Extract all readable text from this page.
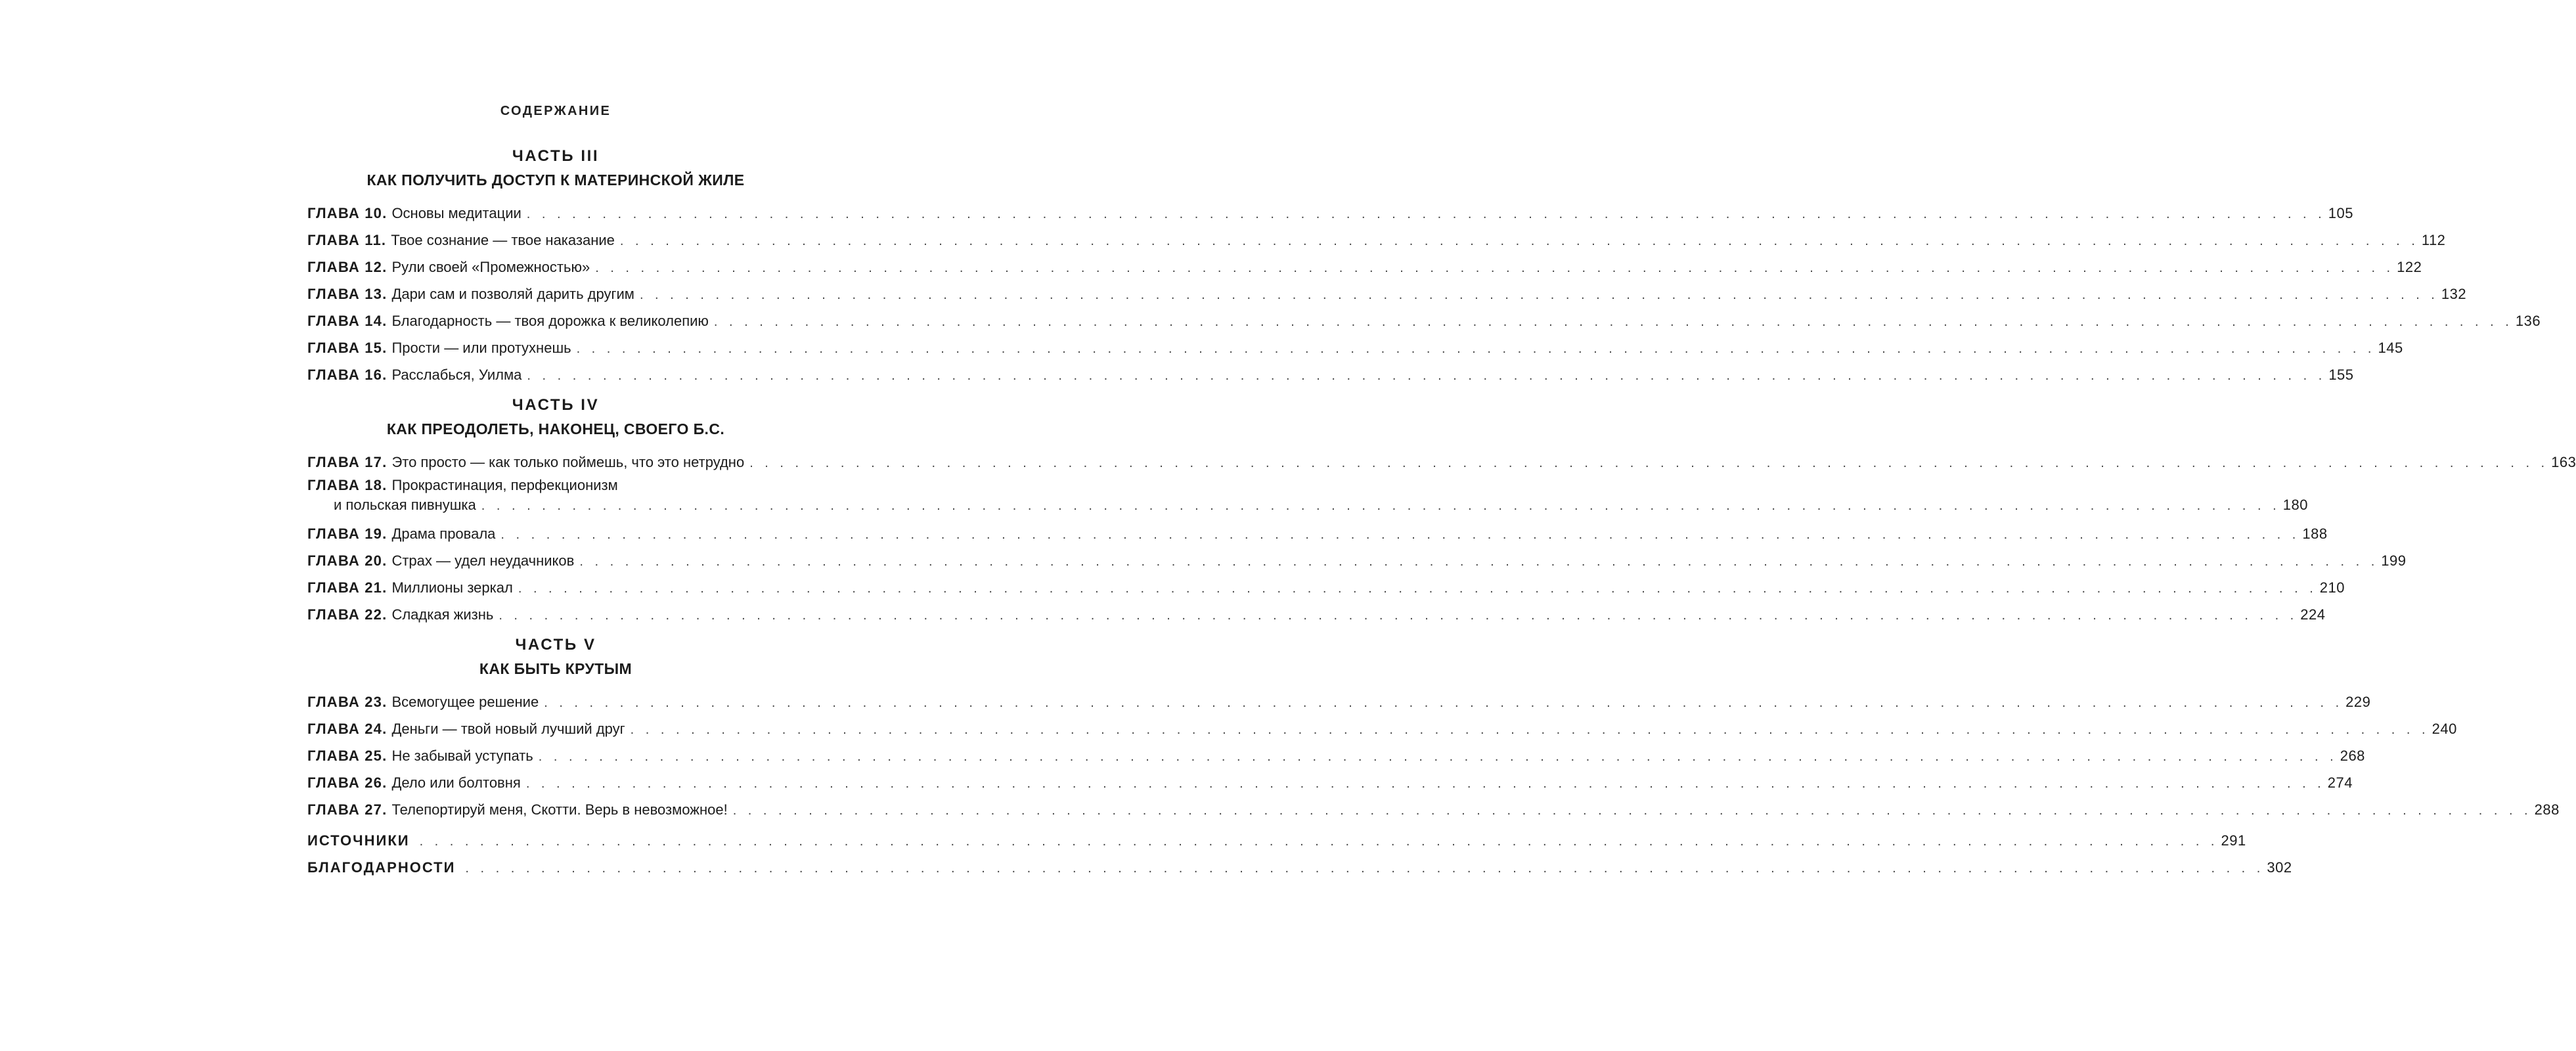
СОДЕРЖАНИЕ
ЧАСТЬ III
КАК ПОЛУЧИТЬ ДОСТУП К МАТЕРИНСКОЙ ЖИЛЕ
ГЛАВА 10. Основы медитации . . . . . . . . . . . . . . . . . . . . . . . . . . . . . . . . . . . . . . . . . . . . . . . . . . . . . . . . . . . . . . . . . . . . . . . . . . . . . . . . . . . . . . . . . . . . . . . . . . . . . . . . . . . . . . . . . . . . . . . 105
ГЛАВА 11. Твое сознание — твое наказание . . . . . . . . . . . . . . . . . . . . . . . . . . . . . . . . . . . . . . . . . . . . . . . . . . . . . . . . . . . . . . . . . . . . . . . . . . . . . . . . . . . . . . . . . . . . . . . . . . . . . . . . . . . . . . . . . . . . . . . 112
ГЛАВА 12. Рули своей «Промежностью» . . . . . . . . . . . . . . . . . . . . . . . . . . . . . . . . . . . . . . . . . . . . . . . . . . . . . . . . . . . . . . . . . . . . . . . . . . . . . . . . . . . . . . . . . . . . . . . . . . . . . . . . . . . . . . . . . . . . . . . 122
ГЛАВА 13. Дари сам и позволяй дарить другим . . . . . . . . . . . . . . . . . . . . . . . . . . . . . . . . . . . . . . . . . . . . . . . . . . . . . . . . . . . . . . . . . . . . . . . . . . . . . . . . . . . . . . . . . . . . . . . . . . . . . . . . . . . . . . . . . . . . . . . 132
ГЛАВА 14. Благодарность — твоя дорожка к великолепию . . . . . . . . . . . . . . . . . . . . . . . . . . . . . . . . . . . . . . . . . . . . . . . . . . . . . . . . . . . . . . . . . . . . . . . . . . . . . . . . . . . . . . . . . . . . . . . . . . . . . . . . . . . . . . . . . . . . . . . 136
ГЛАВА 15. Прости — или протухнешь . . . . . . . . . . . . . . . . . . . . . . . . . . . . . . . . . . . . . . . . . . . . . . . . . . . . . . . . . . . . . . . . . . . . . . . . . . . . . . . . . . . . . . . . . . . . . . . . . . . . . . . . . . . . . . . . . . . . . . . 145
ГЛАВА 16. Расслабься, Уилма . . . . . . . . . . . . . . . . . . . . . . . . . . . . . . . . . . . . . . . . . . . . . . . . . . . . . . . . . . . . . . . . . . . . . . . . . . . . . . . . . . . . . . . . . . . . . . . . . . . . . . . . . . . . . . . . . . . . . . . 155
ЧАСТЬ IV
КАК ПРЕОДОЛЕТЬ, НАКОНЕЦ, СВОЕГО Б.С.
ГЛАВА 17. Это просто — как только поймешь, что это нетрудно . . . . . . . . . . . . . . . . . . . . . . . . . . . . . . . . . . . . . . . . . . . . . . . . . . . . . . . . . . . . . . . . . . . . . . . . . . . . . . . . . . . . . . . . . . . . . . . . . . . . . . . . . . . . . . . . . . . . . . . 163
ГЛАВА 18. Прокрастинация, перфекционизм
и польская пивнушка . . . . . . . . . . . . . . . . . . . . . . . . . . . . . . . . . . . . . . . . . . . . . . . . . . . . . . . . . . . . . . . . . . . . . . . . . . . . . . . . . . . . . . . . . . . . . . . . . . . . . . . . . . . . . . . . . . . . . . . 180
ГЛАВА 19. Драма провала . . . . . . . . . . . . . . . . . . . . . . . . . . . . . . . . . . . . . . . . . . . . . . . . . . . . . . . . . . . . . . . . . . . . . . . . . . . . . . . . . . . . . . . . . . . . . . . . . . . . . . . . . . . . . . . . . . . . . . . 188
ГЛАВА 20. Страх — удел неудачников . . . . . . . . . . . . . . . . . . . . . . . . . . . . . . . . . . . . . . . . . . . . . . . . . . . . . . . . . . . . . . . . . . . . . . . . . . . . . . . . . . . . . . . . . . . . . . . . . . . . . . . . . . . . . . . . . . . . . . . 199
ГЛАВА 21. Миллионы зеркал . . . . . . . . . . . . . . . . . . . . . . . . . . . . . . . . . . . . . . . . . . . . . . . . . . . . . . . . . . . . . . . . . . . . . . . . . . . . . . . . . . . . . . . . . . . . . . . . . . . . . . . . . . . . . . . . . . . . . . . 210
ГЛАВА 22. Сладкая жизнь . . . . . . . . . . . . . . . . . . . . . . . . . . . . . . . . . . . . . . . . . . . . . . . . . . . . . . . . . . . . . . . . . . . . . . . . . . . . . . . . . . . . . . . . . . . . . . . . . . . . . . . . . . . . . . . . . . . . . . . 224
ЧАСТЬ V
КАК БЫТЬ КРУТЫМ
ГЛАВА 23. Всемогущее решение . . . . . . . . . . . . . . . . . . . . . . . . . . . . . . . . . . . . . . . . . . . . . . . . . . . . . . . . . . . . . . . . . . . . . . . . . . . . . . . . . . . . . . . . . . . . . . . . . . . . . . . . . . . . . . . . . . . . . . . 229
ГЛАВА 24. Деньги — твой новый лучший друг . . . . . . . . . . . . . . . . . . . . . . . . . . . . . . . . . . . . . . . . . . . . . . . . . . . . . . . . . . . . . . . . . . . . . . . . . . . . . . . . . . . . . . . . . . . . . . . . . . . . . . . . . . . . . . . . . . . . . . . 240
ГЛАВА 25. Не забывай уступать . . . . . . . . . . . . . . . . . . . . . . . . . . . . . . . . . . . . . . . . . . . . . . . . . . . . . . . . . . . . . . . . . . . . . . . . . . . . . . . . . . . . . . . . . . . . . . . . . . . . . . . . . . . . . . . . . . . . . . . 268
ГЛАВА 26. Дело или болтовня . . . . . . . . . . . . . . . . . . . . . . . . . . . . . . . . . . . . . . . . . . . . . . . . . . . . . . . . . . . . . . . . . . . . . . . . . . . . . . . . . . . . . . . . . . . . . . . . . . . . . . . . . . . . . . . . . . . . . . . 274
ГЛАВА 27. Телепортируй меня, Скотти. Верь в невозможное! . . . . . . . . . . . . . . . . . . . . . . . . . . . . . . . . . . . . . . . . . . . . . . . . . . . . . . . . . . . . . . . . . . . . . . . . . . . . . . . . . . . . . . . . . . . . . . . . . . . . . . . . . . . . . . . . . . . . . . . 288
ИСТОЧНИКИ . . . . . . . . . . . . . . . . . . . . . . . . . . . . . . . . . . . . . . . . . . . . . . . . . . . . . . . . . . . . . . . . . . . . . . . . . . . . . . . . . . . . . . . . . . . . . . . . . . . . . . . . . . . . . . . . . . . . . . . 291
БЛАГОДАРНОСТИ . . . . . . . . . . . . . . . . . . . . . . . . . . . . . . . . . . . . . . . . . . . . . . . . . . . . . . . . . . . . . . . . . . . . . . . . . . . . . . . . . . . . . . . . . . . . . . . . . . . . . . . . . . . . . . . . . . . . . . . 302
